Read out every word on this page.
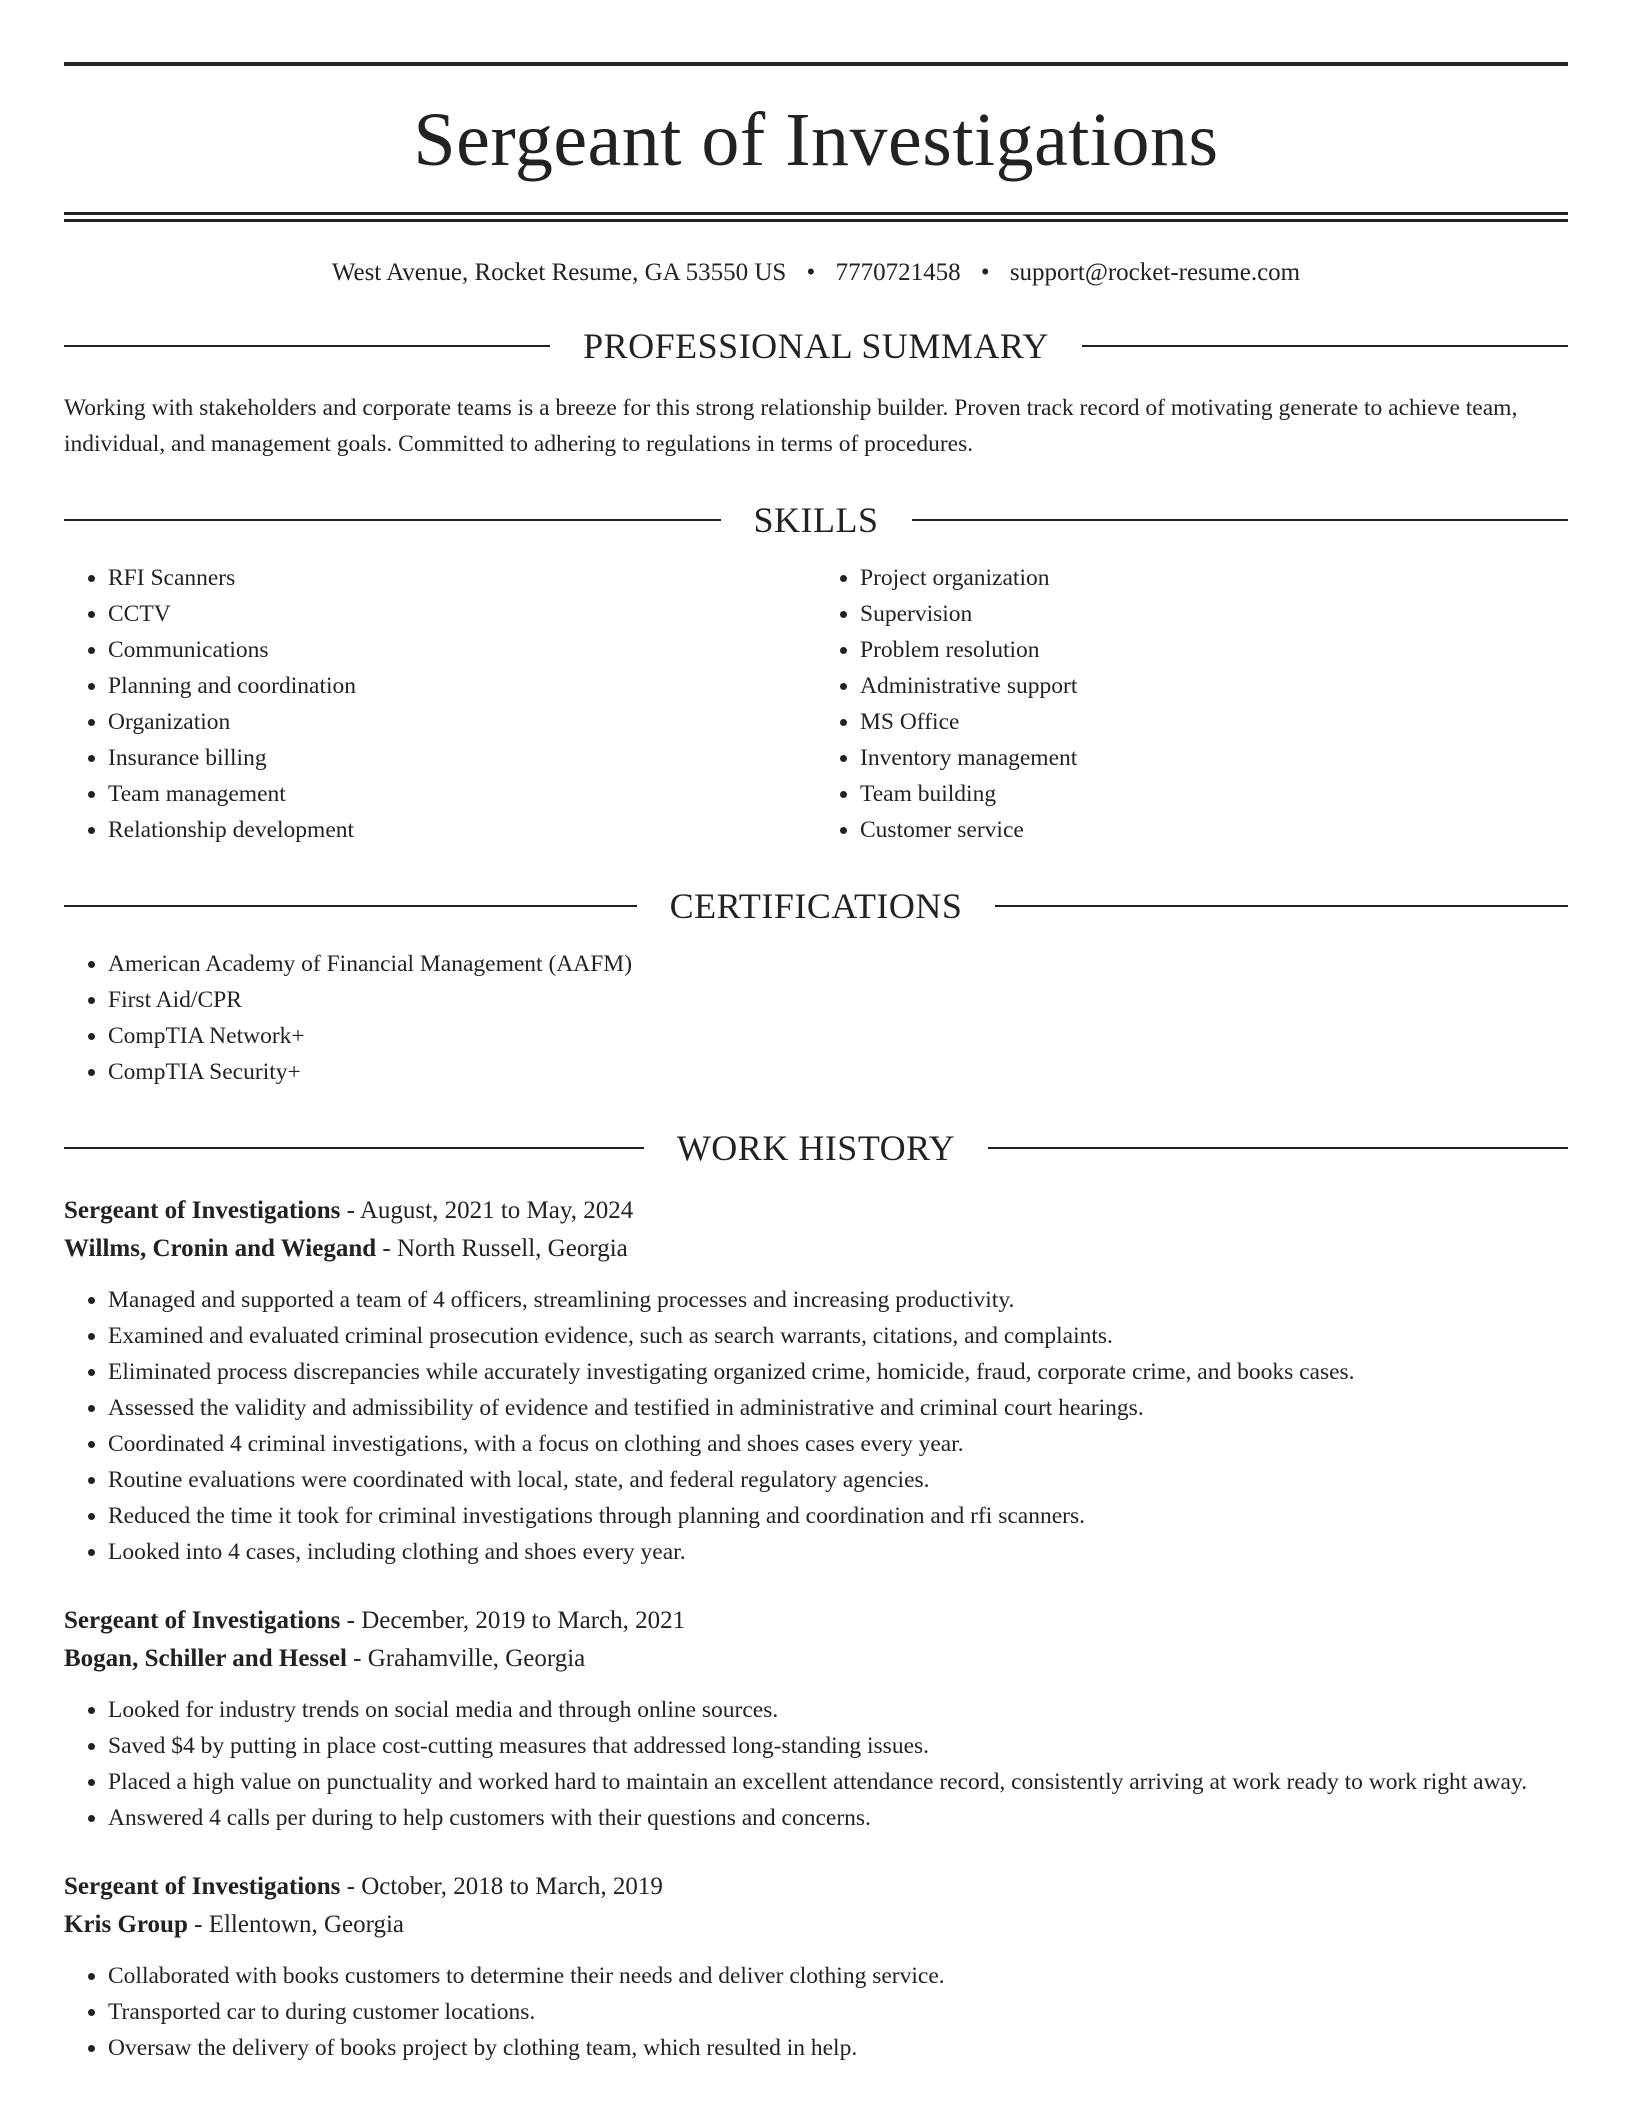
Sergeant of Investigations
West Avenue, Rocket Resume, GA 53550 US • 7770721458 • support@rocket-resume.com
PROFESSIONAL SUMMARY

Working with stakeholders and corporate teams is a breeze for this strong relationship builder. Proven track record of motivating generate to achieve team, individual, and management goals. Committed to adhering to regulations in terms of procedures.

SKILLS
• RFI Scanners
• CCTV
• Communications
• Planning and coordination
• Organization
• Insurance billing
• Team management
• Relationship development
• Project organization
• Supervision
• Problem resolution
• Administrative support
• MS Office
• Inventory management
• Team building
• Customer service
CERTIFICATIONS
• American Academy of Financial Management (AAFM)
• First Aid/CPR
• CompTIA Network+
• CompTIA Security+
WORK HISTORY
Sergeant of Investigations - August, 2021 to May, 2024
Willms, Cronin and Wiegand - North Russell, Georgia
• Managed and supported a team of 4 officers, streamlining processes and increasing productivity.
• Examined and evaluated criminal prosecution evidence, such as search warrants, citations, and complaints.
• Eliminated process discrepancies while accurately investigating organized crime, homicide, fraud, corporate crime, and books cases.
• Assessed the validity and admissibility of evidence and testified in administrative and criminal court hearings.
• Coordinated 4 criminal investigations, with a focus on clothing and shoes cases every year.
• Routine evaluations were coordinated with local, state, and federal regulatory agencies.
• Reduced the time it took for criminal investigations through planning and coordination and rfi scanners.
• Looked into 4 cases, including clothing and shoes every year.
Sergeant of Investigations - December, 2019 to March, 2021
Bogan, Schiller and Hessel - Grahamville, Georgia
• Looked for industry trends on social media and through online sources.
• Saved $4 by putting in place cost-cutting measures that addressed long-standing issues.
• Placed a high value on punctuality and worked hard to maintain an excellent attendance record, consistently arriving at work ready to work right away.
• Answered 4 calls per during to help customers with their questions and concerns.
Sergeant of Investigations - October, 2018 to March, 2019
Kris Group - Ellentown, Georgia
• Collaborated with books customers to determine their needs and deliver clothing service.
• Transported car to during customer locations.
• Oversaw the delivery of books project by clothing team, which resulted in help.
